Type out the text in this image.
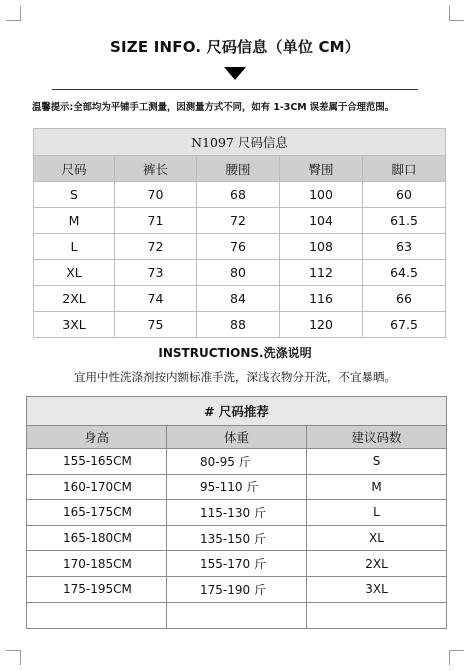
SIZE INFO. 尺码信息（单位 CM）
温馨提示:全部均为平铺手工测量，因测量方式不同，如有 1-3CM 误差属于合理范围。
N1097 尺码信息				
尺码	裤长	腰围	臀围	脚口
S	70	68	100	60
M	71	72	104	61.5
L	72	76	108	63
XL	73	80	112	64.5
2XL	74	84	116	66
3XL	75	88	120	67.5
INSTRUCTIONS.洗涤说明
宜用中性洗涤剂按内额标准手洗，深浅衣物分开洗，不宜暴晒。
# 尺码推荐		
身高	体重	建议码数
155-165CM	80-95 斤	S
160-170CM	95-110 斤	M
165-175CM	115-130 斤	L
165-180CM	135-150 斤	XL
170-185CM	155-170 斤	2XL
175-195CM	175-190 斤	3XL
